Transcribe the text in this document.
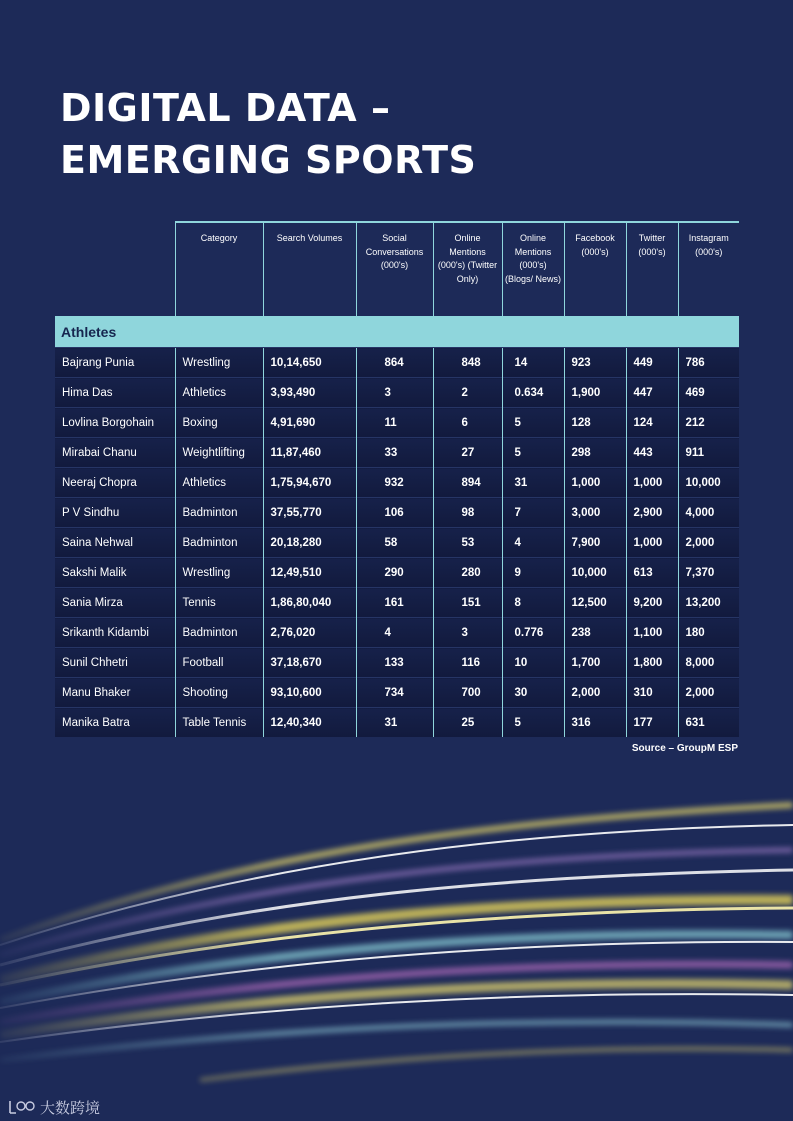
DIGITAL DATA –
EMERGING SPORTS
	Category	Search Volumes	Social Conversations (000's)	Online Mentions (000's) (Twitter Only)	Online Mentions (000's) (Blogs/ News)	Facebook (000's)	Twitter (000's)	Instagram (000's)
Athletes								
Bajrang Punia	Wrestling	10,14,650	864	848	14	923	449	786
Hima Das	Athletics	3,93,490	3	2	0.634	1,900	447	469
Lovlina Borgohain	Boxing	4,91,690	11	6	5	128	124	212
Mirabai Chanu	Weightlifting	11,87,460	33	27	5	298	443	911
Neeraj Chopra	Athletics	1,75,94,670	932	894	31	1,000	1,000	10,000
P V Sindhu	Badminton	37,55,770	106	98	7	3,000	2,900	4,000
Saina Nehwal	Badminton	20,18,280	58	53	4	7,900	1,000	2,000
Sakshi Malik	Wrestling	12,49,510	290	280	9	10,000	613	7,370
Sania Mirza	Tennis	1,86,80,040	161	151	8	12,500	9,200	13,200
Srikanth Kidambi	Badminton	2,76,020	4	3	0.776	238	1,100	180
Sunil Chhetri	Football	37,18,670	133	116	10	1,700	1,800	8,000
Manu Bhaker	Shooting	93,10,600	734	700	30	2,000	310	2,000
Manika Batra	Table Tennis	12,40,340	31	25	5	316	177	631
Source – GroupM ESP
大数跨境
